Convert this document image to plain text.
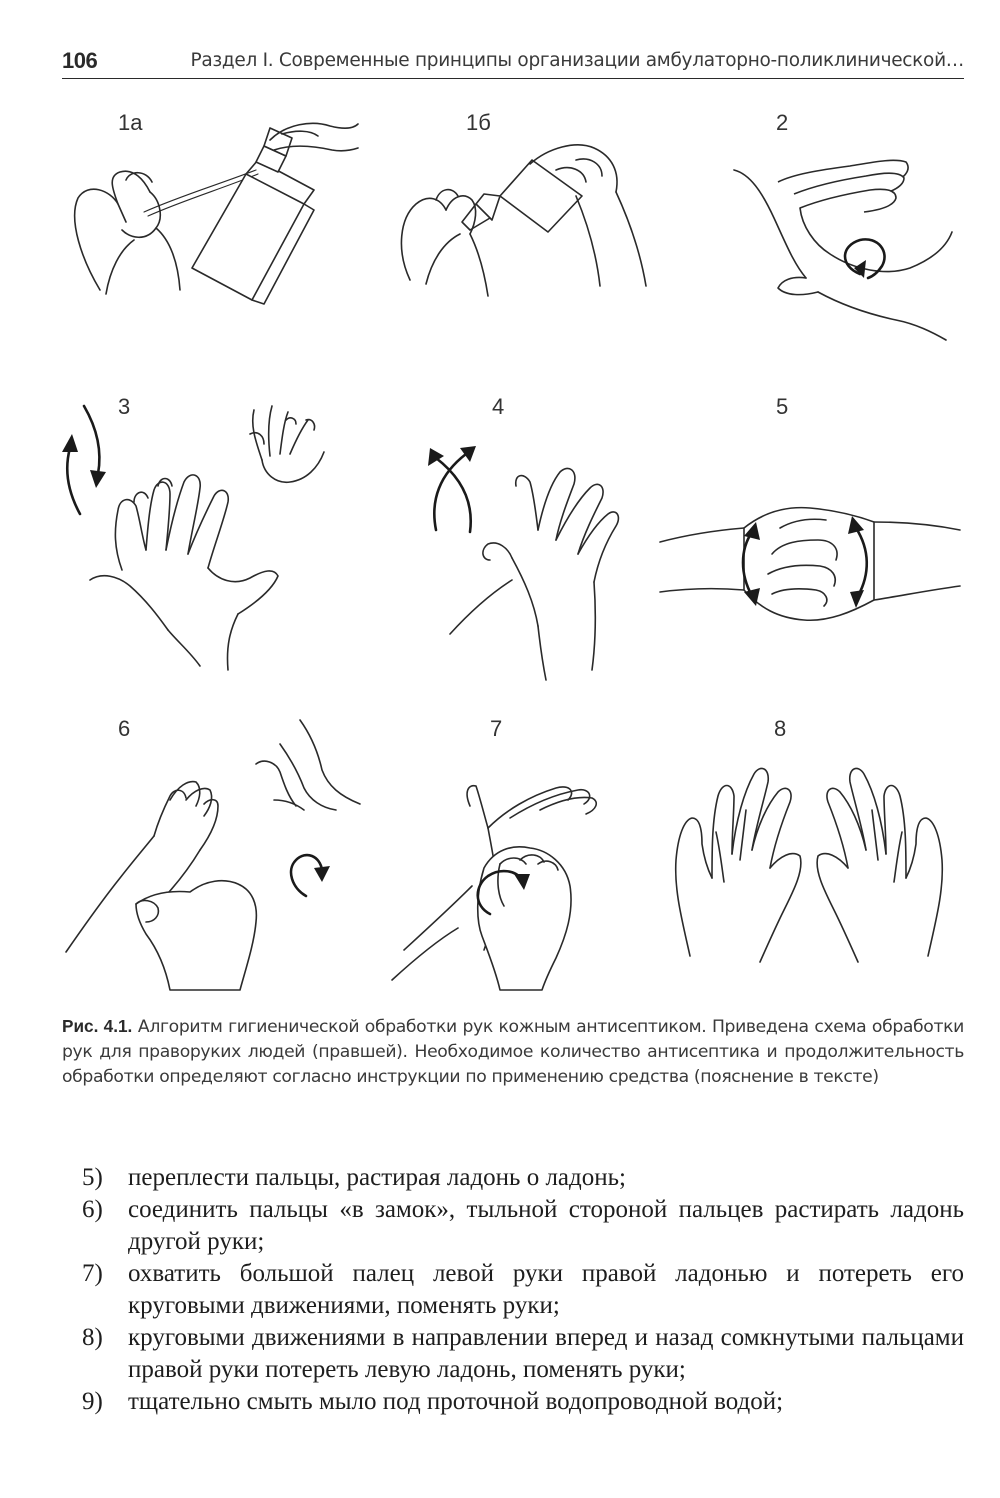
106	Раздел I. Современные принципы организации амбулаторно-поликлинической…
1а	1б	2
3	4	5
6	7	8
Рис. 4.1. Алгоритм гигиенической обработки рук кожным антисептиком. Приведена схема обработки рук для праворуких людей (правшей). Необходимое количество антисептика и продолжительность обработки определяют согласно инструкции по применению средства (пояснение в тексте)
5) переплести пальцы, растирая ладонь о ладонь;
6) соединить пальцы «в замок», тыльной стороной пальцев растирать ладонь другой руки;
7) охватить большой палец левой руки правой ладонью и потереть его круговыми движениями, поменять руки;
8) круговыми движениями в направлении вперед и назад сомкнутыми пальцами правой руки потереть левую ладонь, поменять руки;
9) тщательно смыть мыло под проточной водопроводной водой;
